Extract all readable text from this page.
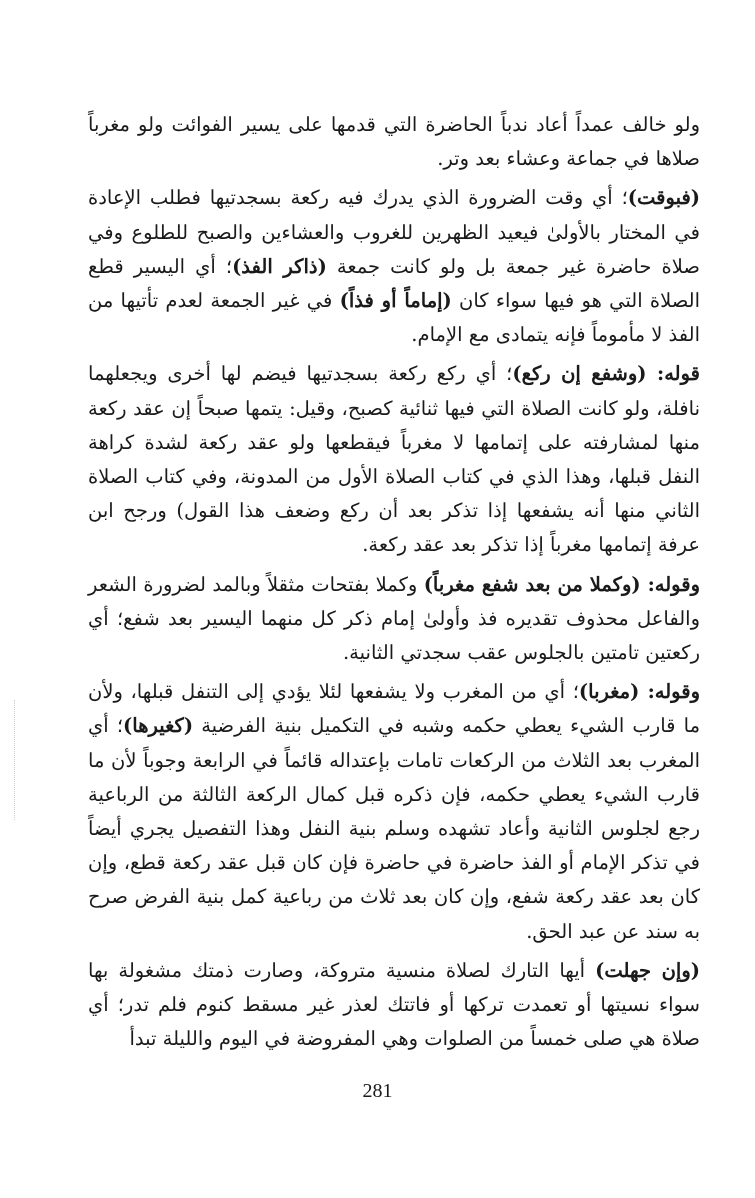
ولو خالف عمداً أعاد ندباً الحاضرة التي قدمها على يسير الفوائت ولو مغرباً صلاها في جماعة وعشاء بعد وتر.

(فبوقت)؛ أي وقت الضرورة الذي يدرك فيه ركعة بسجدتيها فطلب الإعادة في المختار بالأولىٰ فيعيد الظهرين للغروب والعشاءين والصبح للطلوع وفي صلاة حاضرة غير جمعة بل ولو كانت جمعة (ذاكر الفذ)؛ أي اليسير قطع الصلاة التي هو فيها سواء كان (إماماً أو فذاً) في غير الجمعة لعدم تأتيها من الفذ لا مأموماً فإنه يتمادى مع الإمام.

قوله: (وشفع إن ركع)؛ أي ركع ركعة بسجدتيها فيضم لها أخرى ويجعلهما نافلة، ولو كانت الصلاة التي فيها ثنائية كصبح، وقيل: يتمها صبحاً إن عقد ركعة منها لمشارفته على إتمامها لا مغرباً فيقطعها ولو عقد ركعة لشدة كراهة النفل قبلها، وهذا الذي في كتاب الصلاة الأول من المدونة، وفي كتاب الصلاة الثاني منها أنه يشفعها إذا تذكر بعد أن ركع وضعف هذا القول) ورجح ابن عرفة إتمامها مغرباً إذا تذكر بعد عقد ركعة.

وقوله: (وكملا من بعد شفع مغرباً) وكملا بفتحات مثقلاً وبالمد لضرورة الشعر والفاعل محذوف تقديره فذ وأولىٰ إمام ذكر كل منهما اليسير بعد شفع؛ أي ركعتين تامتين بالجلوس عقب سجدتي الثانية.

وقوله: (مغربا)؛ أي من المغرب ولا يشفعها لئلا يؤدي إلى التنفل قبلها، ولأن ما قارب الشيء يعطي حكمه وشبه في التكميل بنية الفرضية (كغيرها)؛ أي المغرب بعد الثلاث من الركعات تامات بإعتداله قائماً في الرابعة وجوباً لأن ما قارب الشيء يعطي حكمه، فإن ذكره قبل كمال الركعة الثالثة من الرباعية رجع لجلوس الثانية وأعاد تشهده وسلم بنية النفل وهذا التفصيل يجري أيضاً في تذكر الإمام أو الفذ حاضرة في حاضرة فإن كان قبل عقد ركعة قطع، وإن كان بعد عقد ركعة شفع، وإن كان بعد ثلاث من رباعية كمل بنية الفرض صرح به سند عن عبد الحق.

(وإن جهلت) أيها التارك لصلاة منسية متروكة، وصارت ذمتك مشغولة بها سواء نسيتها أو تعمدت تركها أو فاتتك لعذر غير مسقط كنوم فلم تدر؛ أي صلاة هي صلى خمساً من الصلوات وهي المفروضة في اليوم والليلة تبدأ

281
